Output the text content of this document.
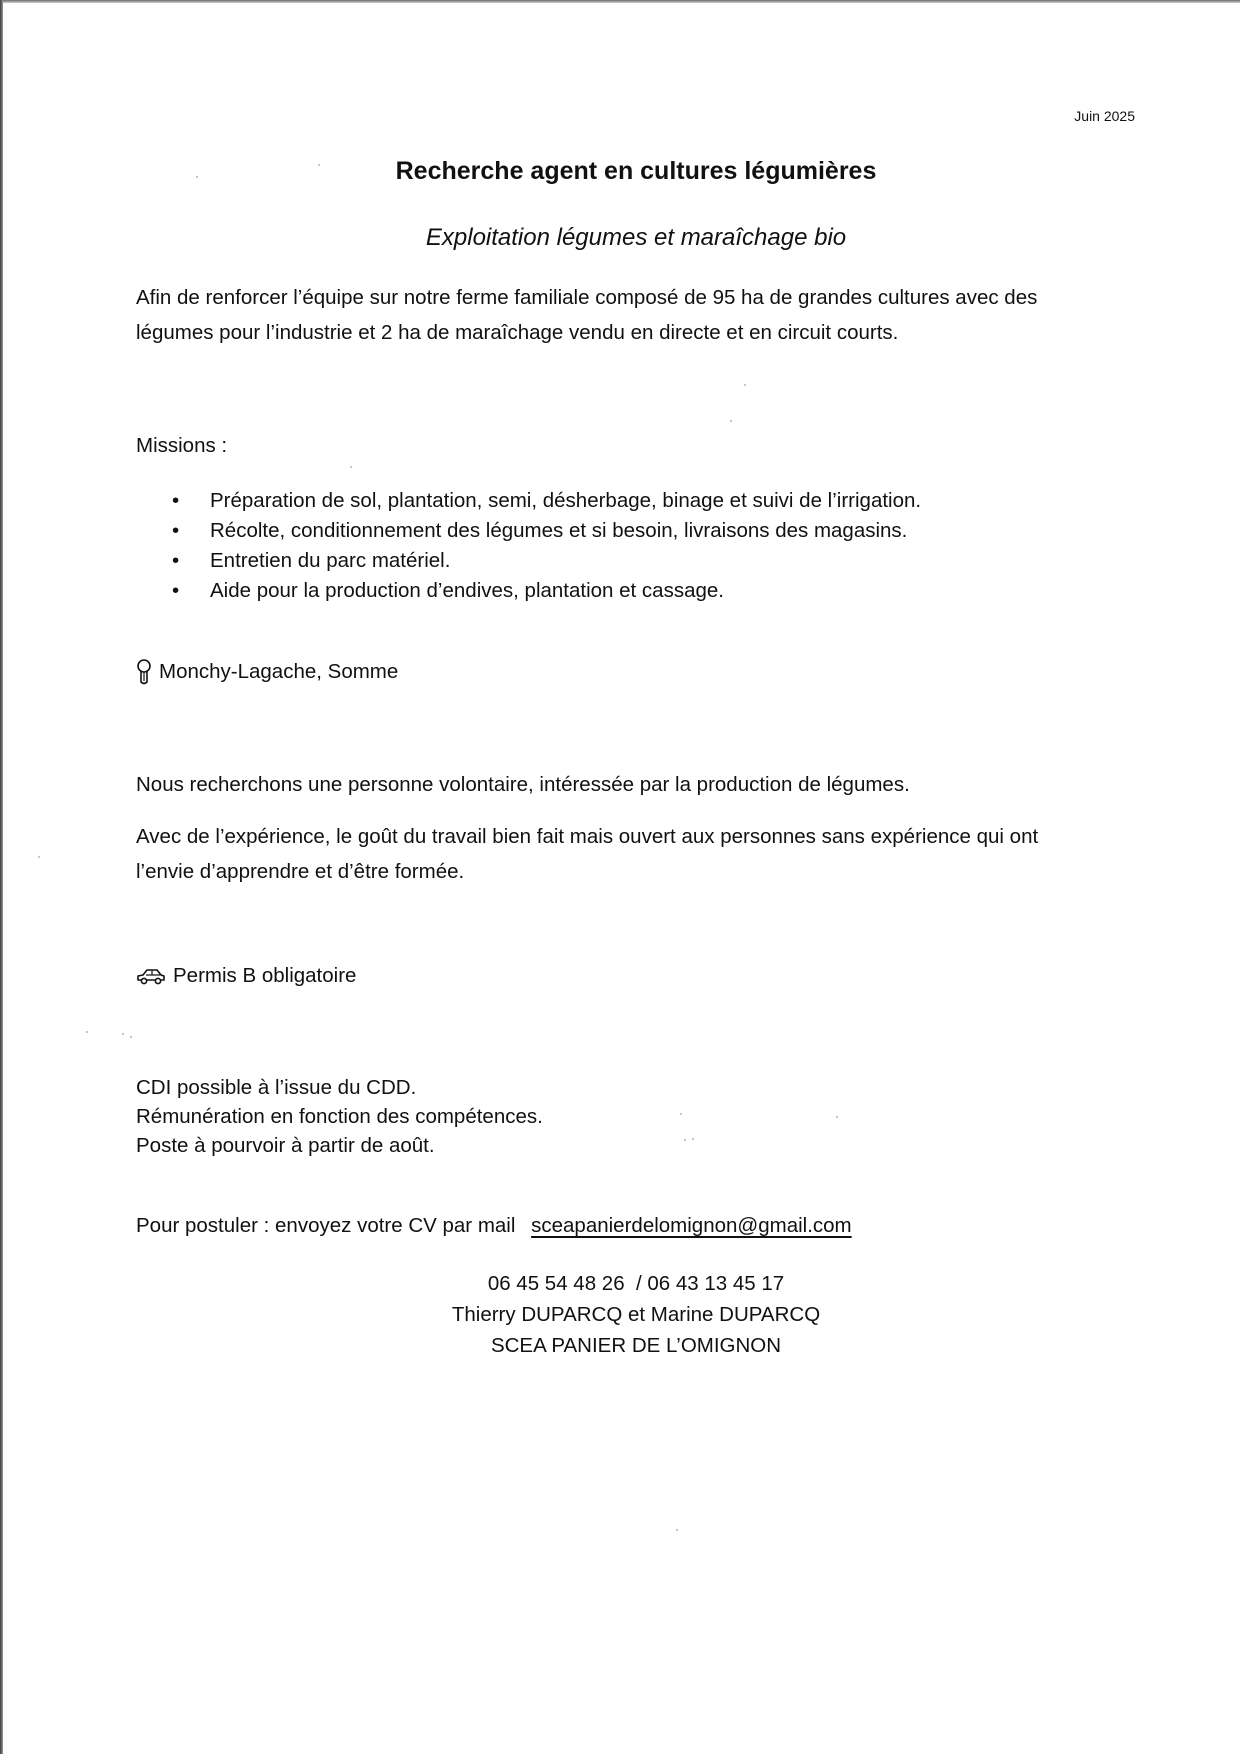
Juin 2025
Recherche agent en cultures légumières
Exploitation légumes et maraîchage bio
Afin de renforcer l’équipe sur notre ferme familiale composé de 95 ha de grandes cultures avec des
légumes pour l’industrie et 2 ha de maraîchage vendu en directe et en circuit courts.
Missions :
• Préparation de sol, plantation, semi, désherbage, binage et suivi de l’irrigation.
• Récolte, conditionnement des légumes et si besoin, livraisons des magasins.
• Entretien du parc matériel.
• Aide pour la production d’endives, plantation et cassage.
Monchy-Lagache, Somme
Nous recherchons une personne volontaire, intéressée par la production de légumes.
Avec de l’expérience, le goût du travail bien fait mais ouvert aux personnes sans expérience qui ont
l’envie d’apprendre et d’être formée.
Permis B obligatoire
CDI possible à l’issue du CDD.
Rémunération en fonction des compétences.
Poste à pourvoir à partir de août.
Pour postuler : envoyez votre CV par mail sceapanierdelomignon@gmail.com
06 45 54 48 26  / 06 43 13 45 17
Thierry DUPARCQ et Marine DUPARCQ
SCEA PANIER DE L’OMIGNON
